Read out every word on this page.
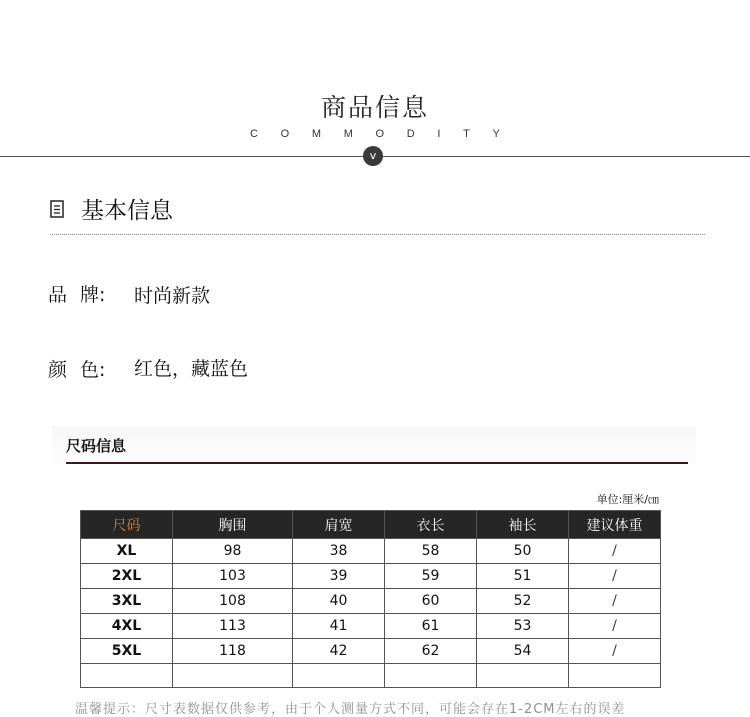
商品信息
C O M M O D I T Y
v
基本信息
品 牌: 时尚新款
颜 色: 红色，藏蓝色
尺码信息
单位:厘米/㎝
尺码	胸围	肩宽	衣长	袖长	建议体重
XL	98	38	58	50	/
2XL	103	39	59	51	/
3XL	108	40	60	52	/
4XL	113	41	61	53	/
5XL	118	42	62	54	/

温馨提示：尺寸表数据仅供参考，由于个人测量方式不同，可能会存在1-2CM左右的误差
